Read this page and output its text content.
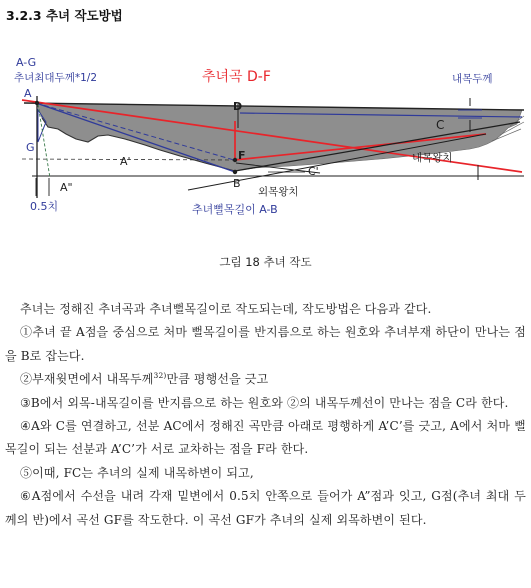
3.2.3 추녀 작도방법
A-G
추녀최대두께*1/2	추녀곡 D-F	내목두께
A
G
D
C
A'	F
C'
내목왕치
A"	B
외목왕치
0.5치	추녀뻘목길이 A-B
그림 18 추녀 작도

추녀는 정해진 추녀곡과 추녀뻘목길이로 작도되는데, 작도방법은 다음과 같다.

①추녀 끝 A점을 중심으로 처마 뻘목길이를 반지름으로 하는 원호와 추녀부재 하단이 만나는 점을 B로 잡는다.

②부재윗면에서 내목두께$^{32)}$만큼 평행선을 긋고

③B에서 외목-내목길이를 반지름으로 하는 원호와 ②의 내목두께선이 만나는 점을 C라 한다.

④A와 C를 연결하고, 선분 AC에서 정해진 곡만큼 아래로 평행하게 A’C’를 긋고, A에서 처마 뻘목길이 되는 선분과 A’C’가 서로 교차하는 점을 F라 한다.

⑤이때, FC는 추녀의 실제 내목하변이 되고,

⑥A점에서 수선을 내려 각재 밑변에서 0.5치 안쪽으로 들어가 A”점과 잇고, G점(추녀 최대 두께의 반)에서 곡선 GF를 작도한다. 이 곡선 GF가 추녀의 실제 외목하변이 된다.
